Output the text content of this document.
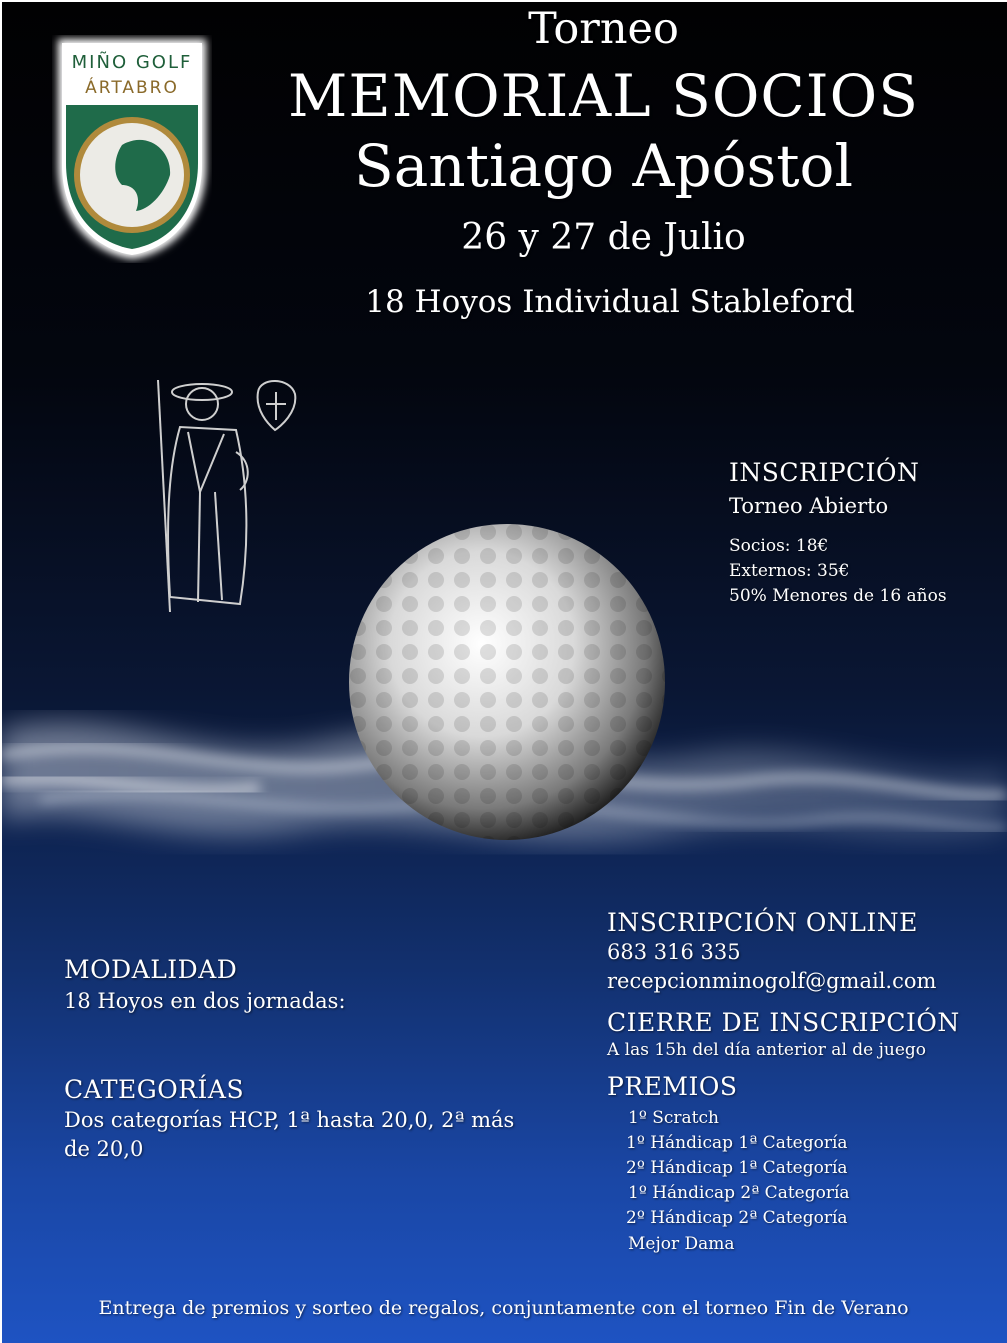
MIÑO GOLF
ÁRTABRO
Torneo
MEMORIAL SOCIOS
Santiago Apóstol
26 y 27 de Julio
18 Hoyos Individual Stableford
INSCRIPCIÓN
Torneo Abierto
Socios: 18€
Externos: 35€
50% Menores de 16 años
INSCRIPCIÓN ONLINE
683 316 335
recepcionminogolf@gmail.com
CIERRE DE INSCRIPCIÓN
A las 15h del día anterior al de juego
PREMIOS
1º Scratch
1º Hándicap 1ª Categoría
2º Hándicap 1ª Categoría
1º Hándicap 2ª Categoría
2º Hándicap 2ª Categoría
Mejor Dama
MODALIDAD
18 Hoyos en dos jornadas:
CATEGORÍAS
Dos categorías HCP, 1ª hasta 20,0, 2ª más
de 20,0
Entrega de premios y sorteo de regalos, conjuntamente con el torneo Fin de Verano
